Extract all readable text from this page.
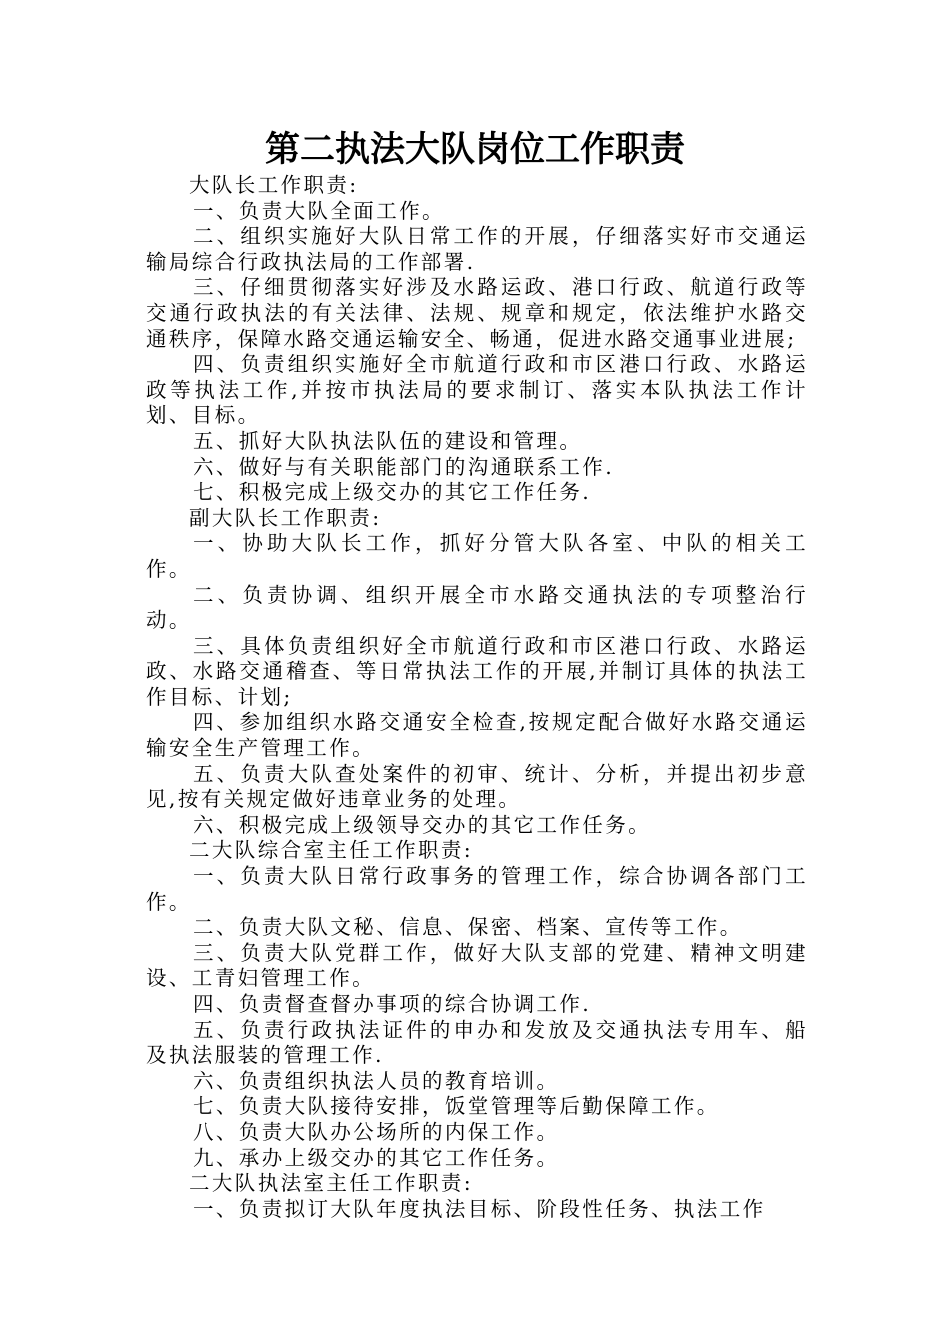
第二执法大队岗位工作职责

大队长工作职责:

一、负责大队全面工作。

二、组织实施好大队日常工作的开展，仔细落实好市交通运输局综合行政执法局的工作部署.

三、仔细贯彻落实好涉及水路运政、港口行政、航道行政等交通行政执法的有关法律、法规、规章和规定，依法维护水路交通秩序，保障水路交通运输安全、畅通，促进水路交通事业进展;

四、负责组织实施好全市航道行政和市区港口行政、水路运政等执法工作,并按市执法局的要求制订、落实本队执法工作计划、目标。

五、抓好大队执法队伍的建设和管理。

六、做好与有关职能部门的沟通联系工作.

七、积极完成上级交办的其它工作任务.

副大队长工作职责:

一、协助大队长工作，抓好分管大队各室、中队的相关工作。

二、负责协调、组织开展全市水路交通执法的专项整治行动。

三、具体负责组织好全市航道行政和市区港口行政、水路运政、水路交通稽查、等日常执法工作的开展,并制订具体的执法工作目标、计划;

四、参加组织水路交通安全检查,按规定配合做好水路交通运输安全生产管理工作。

五、负责大队查处案件的初审、统计、分析，并提出初步意见,按有关规定做好违章业务的处理。

六、积极完成上级领导交办的其它工作任务。

二大队综合室主任工作职责:

一、负责大队日常行政事务的管理工作，综合协调各部门工作。

二、负责大队文秘、信息、保密、档案、宣传等工作。

三、负责大队党群工作，做好大队支部的党建、精神文明建设、工青妇管理工作。

四、负责督查督办事项的综合协调工作.

五、负责行政执法证件的申办和发放及交通执法专用车、船及执法服装的管理工作.

六、负责组织执法人员的教育培训。

七、负责大队接待安排，饭堂管理等后勤保障工作。

八、负责大队办公场所的内保工作。

九、承办上级交办的其它工作任务。

二大队执法室主任工作职责:

一、负责拟订大队年度执法目标、阶段性任务、执法工作
